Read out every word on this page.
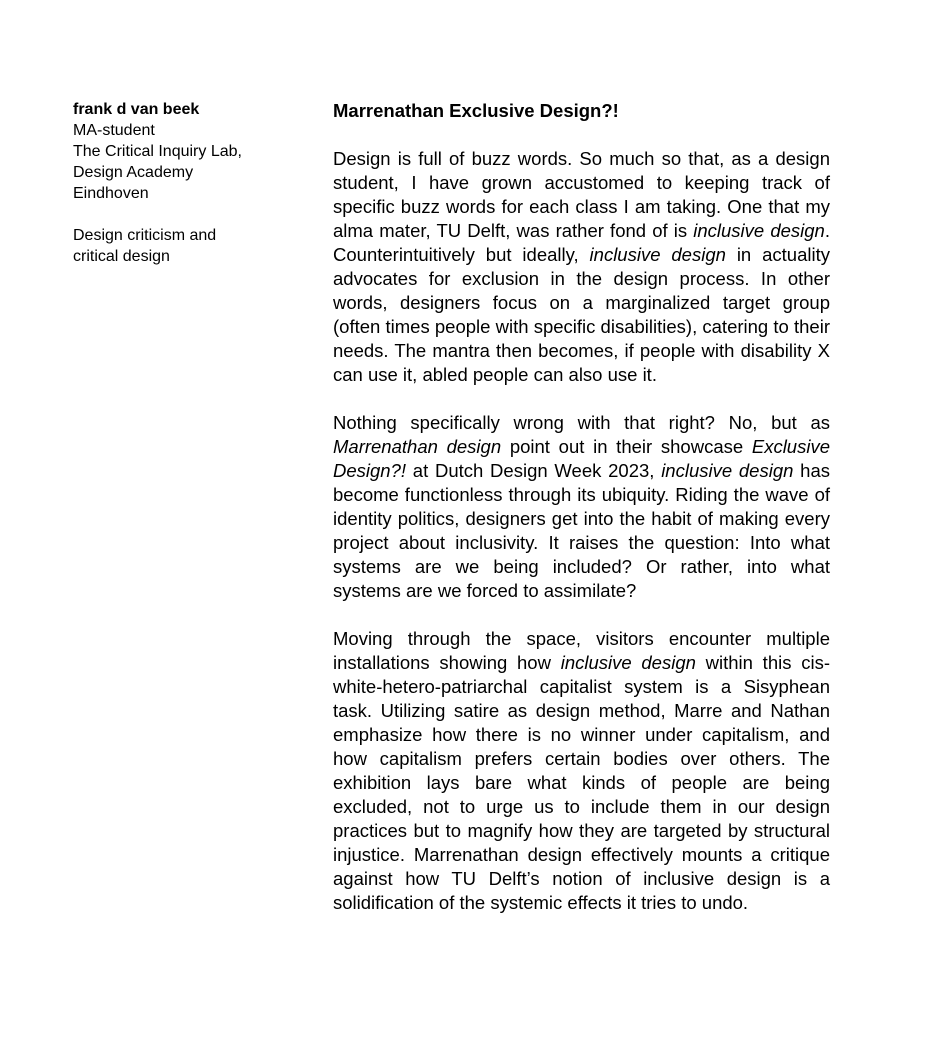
frank d van beek
MA-student
The Critical Inquiry Lab,
Design Academy
Eindhoven
Design criticism and
critical design
Marrenathan Exclusive Design?!

Design is full of buzz words. So much so that, as a design student, I have grown accustomed to keeping track of specific buzz words for each class I am taking. One that my alma mater, TU Delft, was rather fond of is inclusive design. Counterintuitively but ideally, inclusive design in actuality advocates for exclusion in the design process. In other words, designers focus on a marginalized target group (often times people with specific disabilities), catering to their needs. The mantra then becomes, if people with disability X can use it, abled people can also use it.

Nothing specifically wrong with that right? No, but as Marrenathan design point out in their showcase Exclusive Design?! at Dutch Design Week 2023, inclusive design has become functionless through its ubiquity. Riding the wave of identity politics, designers get into the habit of making every project about inclusivity. It raises the question: Into what systems are we being included? Or rather, into what systems are we forced to assimilate?

Moving through the space, visitors encounter multiple installations showing how inclusive design within this cis-white-hetero-patriarchal capitalist system is a Sisyphean task. Utilizing satire as design method, Marre and Nathan emphasize how there is no winner under capitalism, and how capitalism prefers certain bodies over others. The exhibition lays bare what kinds of people are being excluded, not to urge us to include them in our design practices but to magnify how they are targeted by structural injustice. Marrenathan design effectively mounts a critique against how TU Delft’s notion of inclusive design is a solidification of the systemic effects it tries to undo.
